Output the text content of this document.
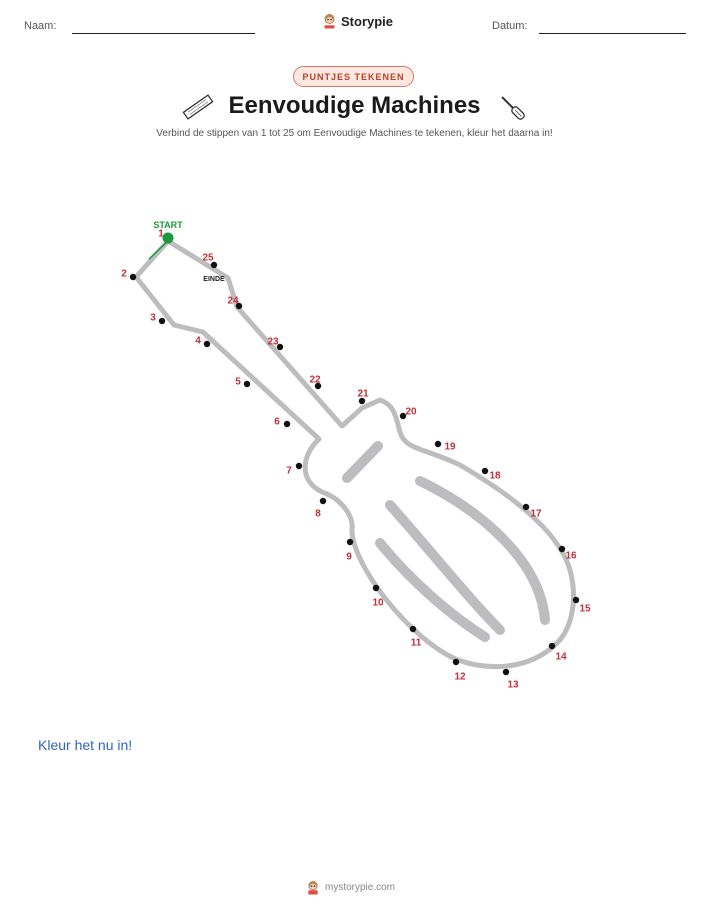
Naam:	Storypie	Datum:
PUNTJES TEKENEN
Eenvoudige Machines
Verbind de stippen van 1 tot 25 om Eenvoudige Machines te tekenen, kleur het daarna in!
START
EINDE
1
2
3
4
5
6
7
8
9
10
11
12
13
14
15
16
17
18
19
20
21
22
23
24
25
Kleur het nu in!
mystorypie.com
